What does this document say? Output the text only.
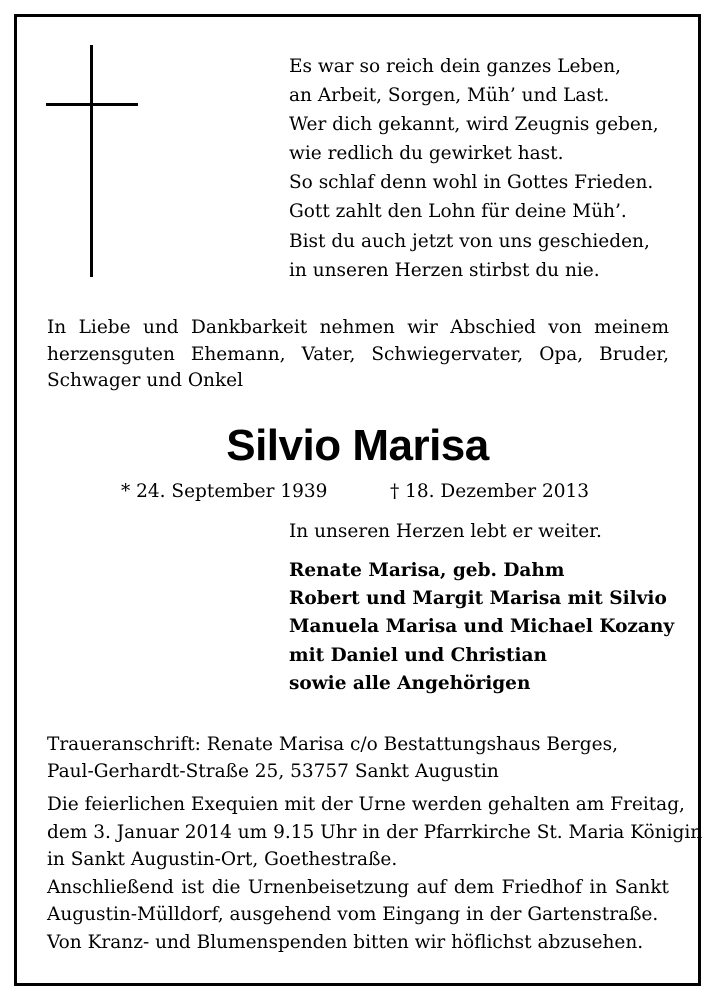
Es war so reich dein ganzes Leben,
an Arbeit, Sorgen, Müh’ und Last.
Wer dich gekannt, wird Zeugnis geben,
wie redlich du gewirket hast.
So schlaf denn wohl in Gottes Frieden.
Gott zahlt den Lohn für deine Müh’.
Bist du auch jetzt von uns geschieden,
in unseren Herzen stirbst du nie.
In Liebe und Dankbarkeit nehmen wir Abschied von meinem
herzensguten Ehemann, Vater, Schwiegervater, Opa, Bruder,
Schwager und Onkel
Silvio Marisa
* 24. September 1939	† 18. Dezember 2013
In unseren Herzen lebt er weiter.
Renate Marisa, geb. Dahm
Robert und Margit Marisa mit Silvio
Manuela Marisa und Michael Kozany
mit Daniel und Christian
sowie alle Angehörigen
Traueranschrift: Renate Marisa c/o Bestattungshaus Berges,
Paul-Gerhardt-Straße 25, 53757 Sankt Augustin
Die feierlichen Exequien mit der Urne werden gehalten am Freitag,
dem 3. Januar 2014 um 9.15 Uhr in der Pfarrkirche St. Maria Königin
in Sankt Augustin-Ort, Goethestraße.
Anschließend ist die Urnenbeisetzung auf dem Friedhof in Sankt
Augustin-Mülldorf, ausgehend vom Eingang in der Gartenstraße.
Von Kranz- und Blumenspenden bitten wir höflichst abzusehen.
